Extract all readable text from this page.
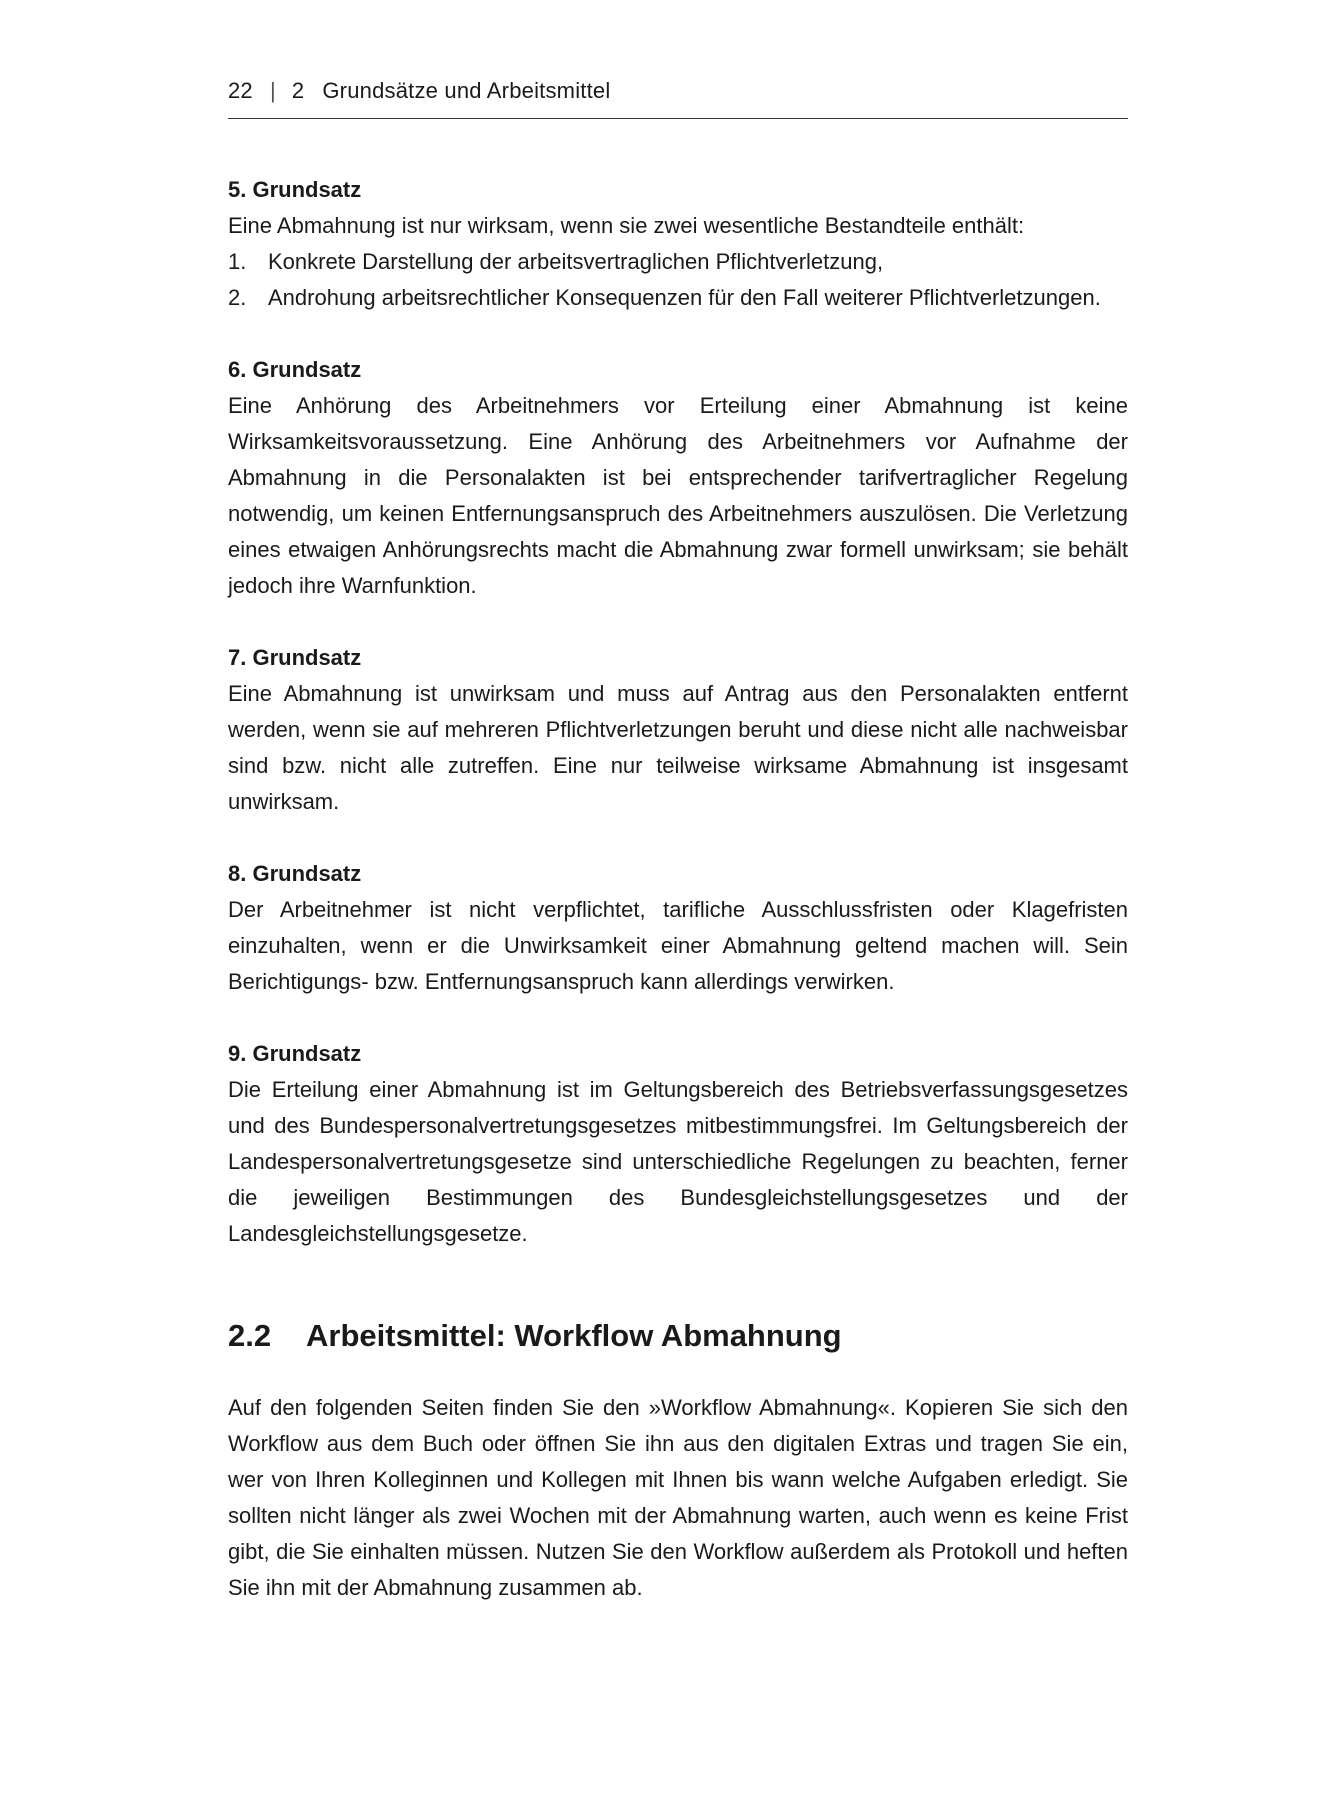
22 | 2 Grundsätze und Arbeitsmittel
5. Grundsatz

Eine Abmahnung ist nur wirksam, wenn sie zwei wesentliche Bestandteile enthält:

1. Konkrete Darstellung der arbeitsvertraglichen Pflichtverletzung,
2. Androhung arbeitsrechtlicher Konsequenzen für den Fall weiterer Pflichtverletzungen.
6. Grundsatz

Eine Anhörung des Arbeitnehmers vor Erteilung einer Abmahnung ist keine Wirksamkeitsvoraussetzung. Eine Anhörung des Arbeitnehmers vor Aufnahme der Abmahnung in die Personalakten ist bei entsprechender tarifvertraglicher Regelung notwendig, um keinen Entfernungsanspruch des Arbeitnehmers auszulösen. Die Verletzung eines etwaigen Anhörungsrechts macht die Abmahnung zwar formell unwirksam; sie behält jedoch ihre Warnfunktion.

7. Grundsatz

Eine Abmahnung ist unwirksam und muss auf Antrag aus den Personalakten entfernt werden, wenn sie auf mehreren Pflichtverletzungen beruht und diese nicht alle nachweisbar sind bzw. nicht alle zutreffen. Eine nur teilweise wirksame Abmahnung ist insgesamt unwirksam.

8. Grundsatz

Der Arbeitnehmer ist nicht verpflichtet, tarifliche Ausschlussfristen oder Klagefristen einzuhalten, wenn er die Unwirksamkeit einer Abmahnung geltend machen will. Sein Berichtigungs- bzw. Entfernungsanspruch kann allerdings verwirken.

9. Grundsatz

Die Erteilung einer Abmahnung ist im Geltungsbereich des Betriebsverfassungsgesetzes und des Bundespersonalvertretungsgesetzes mitbestimmungsfrei. Im Geltungsbereich der Landespersonalvertretungsgesetze sind unterschiedliche Regelungen zu beachten, ferner die jeweiligen Bestimmungen des Bundesgleichstellungsgesetzes und der Landesgleichstellungsgesetze.

2.2	Arbeitsmittel: Workflow Abmahnung

Auf den folgenden Seiten finden Sie den »Workflow Abmahnung«. Kopieren Sie sich den Workflow aus dem Buch oder öffnen Sie ihn aus den digitalen Extras und tragen Sie ein, wer von Ihren Kolleginnen und Kollegen mit Ihnen bis wann welche Aufgaben erledigt. Sie sollten nicht länger als zwei Wochen mit der Abmahnung warten, auch wenn es keine Frist gibt, die Sie einhalten müssen. Nutzen Sie den Workflow außerdem als Protokoll und heften Sie ihn mit der Abmahnung zusammen ab.
